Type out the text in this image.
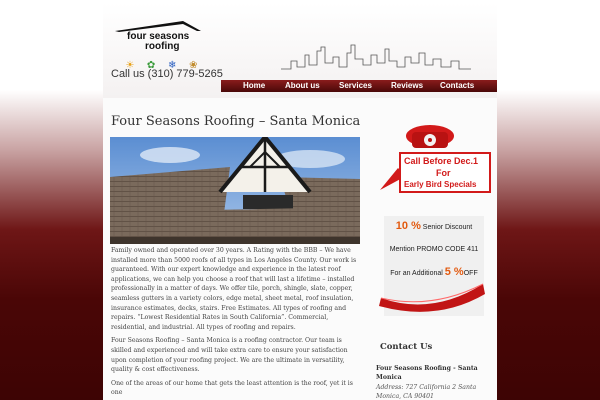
four seasons
roofing
☀ ✿ ❄ ❀
Call us (310) 779-5265
Home About us Services Reviews Contacts
Four Seasons Roofing – Santa Monica

Family owned and operated over 30 years. A Rating with the BBB – We have installed more than 5000 roofs of all types in Los Angeles County. Our work is guaranteed. With our expert knowledge and experience in the latest roof applications, we can help you choose a roof that will last a lifetime – installed professionally in a matter of days. We offer tile, porch, shingle, slate, copper, seamless gutters in a variety colors, edge metal, sheet metal, roof insulation, insurance estimates, decks, stairs. Free Estimates. All types of roofing and repairs. “Lowest Residential Rates in South California”. Commercial, residential, and industrial. All types of roofing and repairs.

Four Seasons Roofing – Santa Monica is a roofing contractor. Our team is skilled and experienced and will take extra care to ensure your satisfaction upon completion of your roofing project. We are the ultimate in versatility, quality & cost effectiveness.

One of the areas of our home that gets the least attention is the roof, yet it is one

CONTACT US
Call Before Dec.1
For
Early Bird Specials
10 % Senior Discount
Mention PROMO CODE 411
For an Additional 5 %OFF
Contact Us
Four Seasons Roofing - Santa Monica
Address: 727 California 2 Santa Monica, CA 90401
